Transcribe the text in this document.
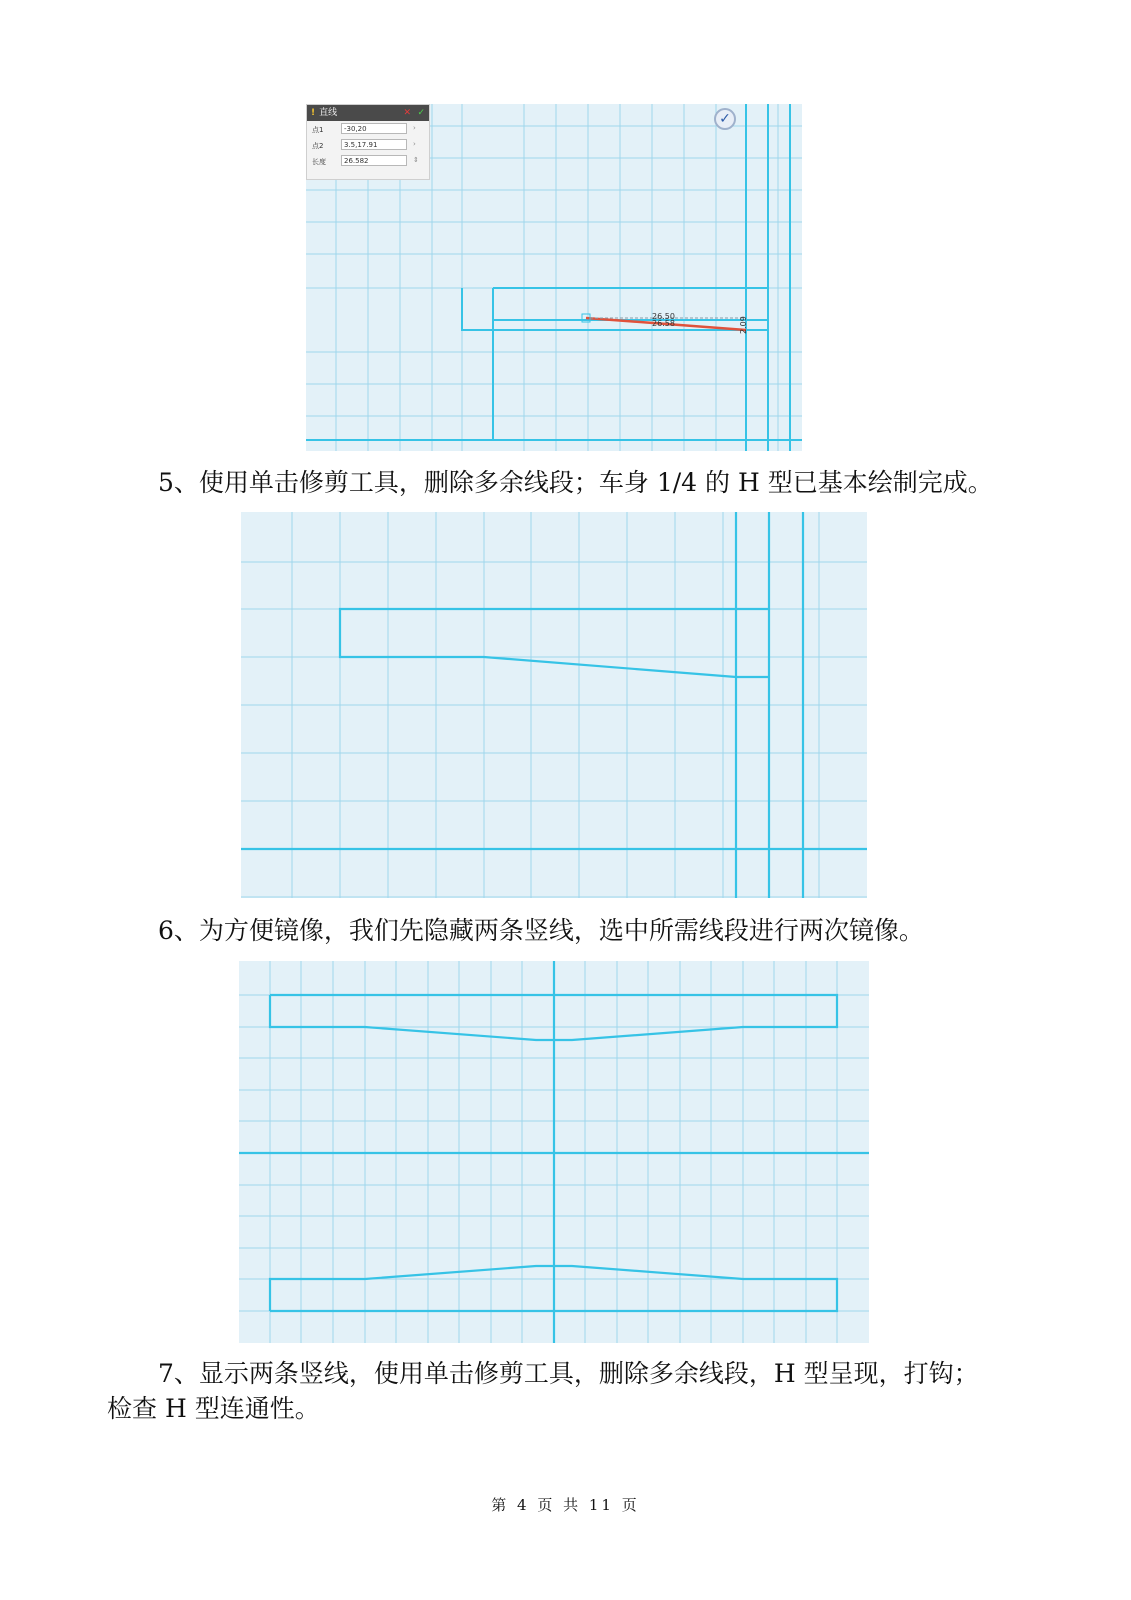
26.50
26.58	2.09
! 直线	✕ ✓
点1	-30,20	›
点2	3.5,17.91	›
长度	26.582	⇕
✓
5、使用单击修剪工具，删除多余线段；车身 1/4 的 H 型已基本绘制完成。
6、为方便镜像，我们先隐藏两条竖线，选中所需线段进行两次镜像。
7、显示两条竖线，使用单击修剪工具，删除多余线段，H 型呈现，打钩；
检查 H 型连通性。
第 4 页 共 11 页
